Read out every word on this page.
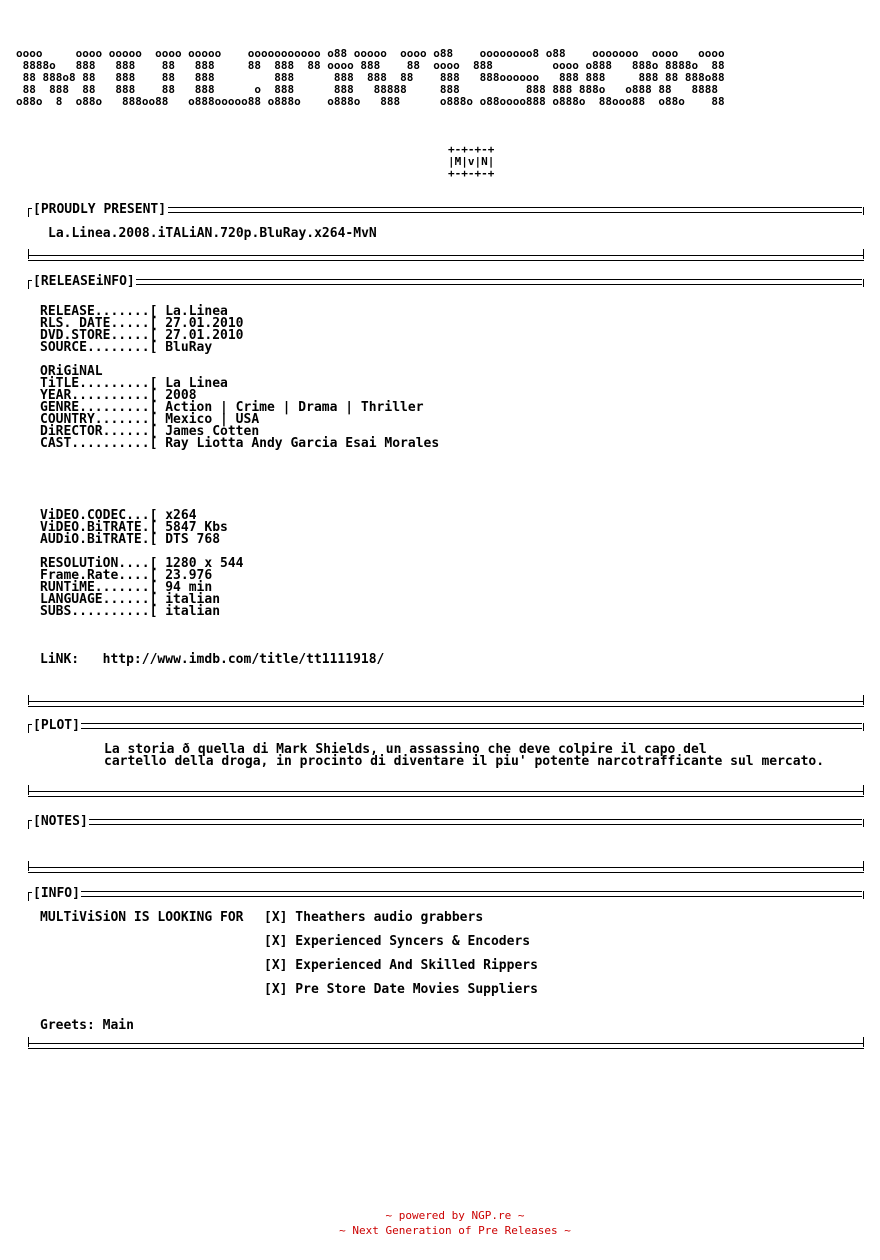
oooo     oooo ooooo  oooo ooooo    ooooooooooo o88 ooooo  oooo o88    oooooooo8 o88    ooooooo  oooo   oooo
8888o   888   888    88   888     88  888  88 oooo 888    88  oooo  888         oooo o888   888o 8888o  88
88 888o8 88   888    88   888         888      888  888  88    888   888oooooo   888 888     888 88 888o88
88  888  88   888    88   888      o  888      888   88888     888          888 888 888o   o888 88   8888
o88o  8  o88o   888oo88   o888ooooo88 o888o    o888o   888      o888o o88oooo888 o888o  88ooo88  o88o    88
+-+-+-+
|M|v|N|
+-+-+-+
[PROUDLY PRESENT]
La.Linea.2008.iTALiAN.720p.BluRay.x264-MvN
[RELEASEiNFO]
RELEASE.......[ La.Linea
RLS. DATE.....[ 27.01.2010
DVD.STORE.....[ 27.01.2010
SOURCE........[ BluRay
ORiGiNAL
TiTLE.........[ La Linea
YEAR..........[ 2008
GENRE.........[ Action | Crime | Drama | Thriller
COUNTRY.......[ Mexico | USA
DiRECTOR......[ James Cotten
CAST..........[ Ray Liotta Andy Garcia Esai Morales
ViDEO.CODEC...[ x264
ViDEO.BiTRATE.[ 5847 Kbs
AUDiO.BiTRATE.[ DTS 768
RESOLUTiON....[ 1280 x 544
Frame.Rate....[ 23.976
RUNTiME.......[ 94 min
LANGUAGE......[ italian
SUBS..........[ italian
LiNK: http://www.imdb.com/title/tt1111918/
[PLOT]
La storia ð quella di Mark Shields, un assassino che deve colpire il capo del
cartello della droga, in procinto di diventare il piu' potente narcotrafficante sul mercato.
[NOTES]
[INFO]
MULTiViSiON IS LOOKING FOR	[X] Theathers audio grabbers
[X] Experienced Syncers & Encoders
[X] Experienced And Skilled Rippers
[X] Pre Store Date Movies Suppliers
Greets: Main
~ powered by NGP.re ~
~ Next Generation of Pre Releases ~
